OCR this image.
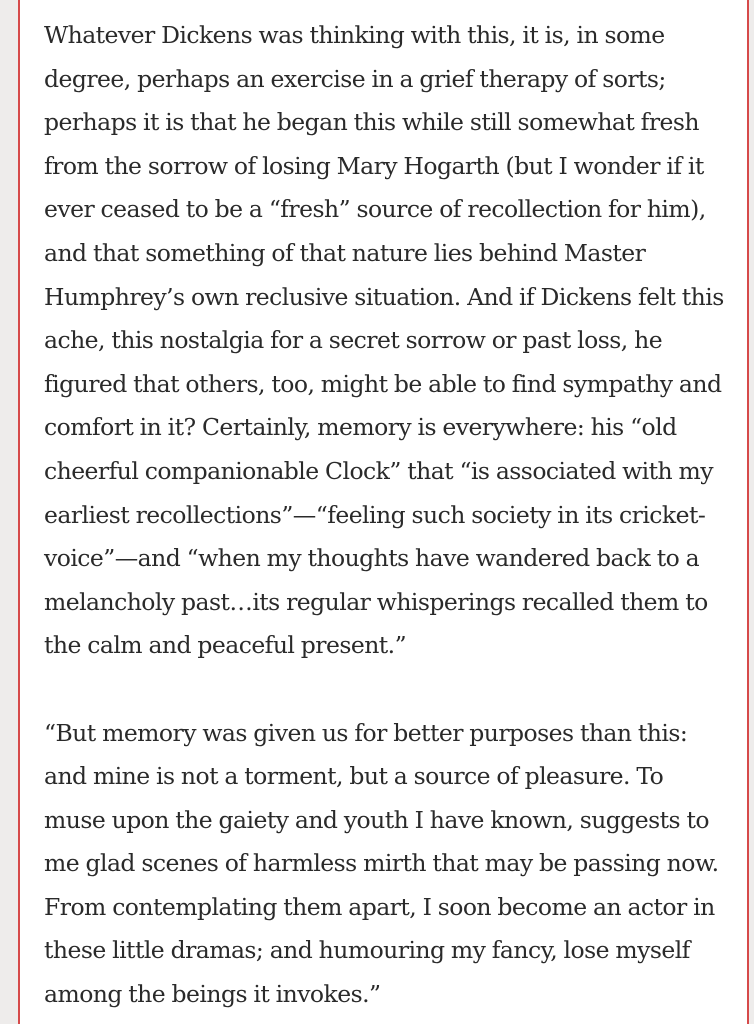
Whatever Dickens was thinking with this, it is, in some degree, perhaps an exercise in a grief therapy of sorts; perhaps it is that he began this while still somewhat fresh from the sorrow of losing Mary Hogarth (but I wonder if it ever ceased to be a “fresh” source of recollection for him), and that something of that nature lies behind Master Humphrey’s own reclusive situation. And if Dickens felt this ache, this nostalgia for a secret sorrow or past loss, he figured that others, too, might be able to find sympathy and comfort in it? Certainly, memory is everywhere: his “old cheerful companionable Clock” that “is associated with my earliest recollections”—“feeling such society in its cricket-voice”—and “when my thoughts have wandered back to a melancholy past…its regular whisperings recalled them to the calm and peaceful present.”

“But memory was given us for better purposes than this: and mine is not a torment, but a source of pleasure. To muse upon the gaiety and youth I have known, suggests to me glad scenes of harmless mirth that may be passing now. From contemplating them apart, I soon become an actor in these little dramas; and humouring my fancy, lose myself among the beings it invokes.”
